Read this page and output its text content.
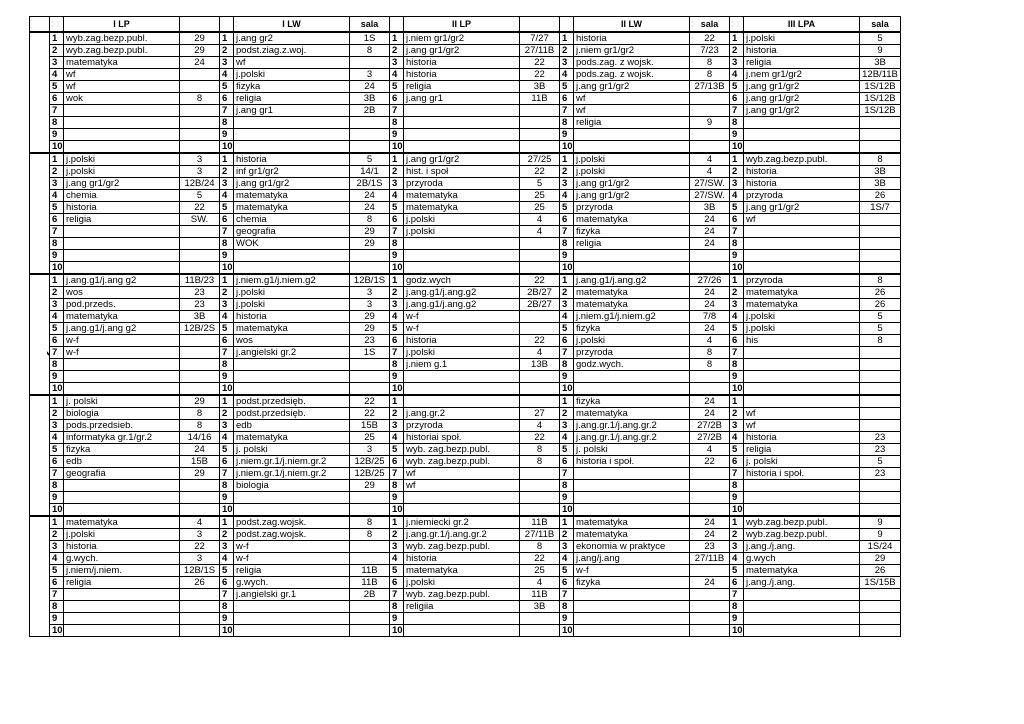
		I LP			I LW	sala		II LP			II LW	sala		III LPA	sala
	1	wyb.zag.bezp.publ.	29	1	j.ang gr2	1S	1	j.niem gr1/gr2	7/27	1	historia	22	1	j.polski	5
	2	wyb.zag.bezp.publ.	29	2	podst.ziag.z.woj.	8	2	j.ang gr1/gr2	27/11B	2	j.niem gr1/gr2	7/23	2	historia	9
	3	matematyka	24	3	wf		3	historia	22	3	pods.zag. z wojsk.	8	3	religia	3B
	4	wf		4	j.polski	3	4	historia	22	4	pods.zag. z wojsk.	8	4	j.nem gr1/gr2	12B/11B
	5	wf		5	fizyka	24	5	religia	3B	5	j.ang gr1/gr2	27/13B	5	j.ang gr1/gr2	1S/12B
	6	wok	8	6	religia	3B	6	j.ang gr1	11B	6	wf		6	j.ang gr1/gr2	1S/12B
	7			7	j.ang gr1	2B	7			7	wf		7	j.ang gr1/gr2	1S/12B
	8			8			8			8	religia	9	8		
	9			9			9			9			9		
	10			10			10			10			10		
	1	j.polski	3	1	historia	5	1	j.ang gr1/gr2	27/25	1	j.polski	4	1	wyb.zag.bezp.publ.	8
	2	j.polski	3	2	inf gr1/gr2	14/1	2	hist. i społ	22	2	j.polski	4	2	historia	3B
	3	j.ang gr1/gr2	12B/24	3	j.ang gr1/gr2	2B/1S	3	przyroda	5	3	j.ang gr1/gr2	27/SW.	3	historia	3B
	4	chemia	5	4	matematyka	24	4	matematyka	25	4	j.ang gr1/gr2	27/SW.	4	przyroda	26
	5	historia	22	5	matematyka	24	5	matematyka	25	5	przyroda	3B	5	j.ang gr1/gr2	1S/7
	6	religia	SW.	6	chemia	8	6	j.polski	4	6	matematyka	24	6	wf	
	7			7	geografia	29	7	j.polski	4	7	fizyka	24	7		
	8			8	WOK	29	8			8	religia	24	8		
	9			9			9			9			9		
	10			10			10			10			10		
	1	j.ang.g1/j.ang g2	11B/23	1	j.niem.g1/j.niem.g2	12B/1S	1	godz.wych	22	1	j.ang.g1/j.ang.g2	27/26	1	przyroda	8
	2	wos	23	2	j.polski	3	2	j.ang.g1/j.ang.g2	2B/27	2	matematyka	24	2	matematyka	26
	3	pod.przeds.	23	3	j.polski	3	3	j.ang.g1/j.ang.g2	2B/27	3	matematyka	24	3	matematyka	26
	4	matematyka	3B	4	historia	29	4	w-f		4	j.niem.g1/j.niem.g2	7/8	4	j.polski	5
	5	j.ang.g1/j.ang g2	12B/2S	5	matematyka	29	5	w-f		5	fizyka	24	5	j.polski	5
	6	w-f		6	wos	23	6	historia	22	6	j.polski	4	6	his	8
	7	w-f		7	j.angielski gr.2	1S	7	j.polski	4	7	przyroda	8	7		
	8			8			8	j.niem g.1	13B	8	godz.wych.	8	8		
	9			9			9			9			9		
	10			10			10			10			10		
	1	j. polski	29	1	podst.przedsięb.	22	1			1	fizyka	24	1		
	2	biologia	8	2	podst.przedsięb.	22	2	j.ang.gr.2	27	2	matematyka	24	2	wf	
	3	pods.przedsieb.	8	3	edb	15B	3	przyroda	4	3	j.ang.gr.1/j.ang.gr.2	27/2B	3	wf	
	4	informatyka gr.1/gr.2	14/16	4	matematyka	25	4	historiai społ.	22	4	j.ang.gr.1/j.ang.gr.2	27/2B	4	historia	23
	5	fizyka	24	5	j. polski	3	5	wyb. zag.bezp.publ.	8	5	j. polski	4	5	religia	23
	6	edb	15B	6	j.niem.gr.1/j.niem.gr.2	12B/25	6	wyb. zag.bezp.publ.	8	6	historia i społ.	22	6	j. polski	5
	7	geografia	29	7	j.niem.gr.1/j.niem.gr.2	12B/25	7	wf		7			7	historia i społ.	23
	8			8	biologia	29	8	wf		8			8		
	9			9			9			9			9		
	10			10			10			10			10		
	1	matematyka	4	1	podst.zag.wojsk.	8	1	j.niemiecki gr.2	11B	1	matematyka	24	1	wyb.zag.bezp.publ.	9
	2	j.polski	3	2	podst.zag.wojsk.	8	2	j.ang.gr.1/j.ang.gr.2	27/11B	2	matematyka	24	2	wyb.zag.bezp.publ.	9
	3	historia	22	3	w-f		3	wyb. zag.bezp.publ.	8	3	ekonomia w praktyce	23	3	j.ang./j.ang.	1S/24
	4	g.wych.	3	4	w-f		4	historia	22	4	j.ang/j.ang	27/11B	4	g.wych	29
	5	j.niem/j.niem.	12B/1S	5	religia	11B	5	matematyka	25	5	w-f		5	matematyka	26
	6	religia	26	6	g.wych.	11B	6	j.polski	4	6	fizyka	24	6	j.ang./j.ang.	1S/15B
	7			7	j.angielski gr.1	2B	7	wyb. zag.bezp.publ.	11B	7			7		
	8			8			8	religiia	3B	8			8		
	9			9			9			9			9		
	10			10			10			10			10		
